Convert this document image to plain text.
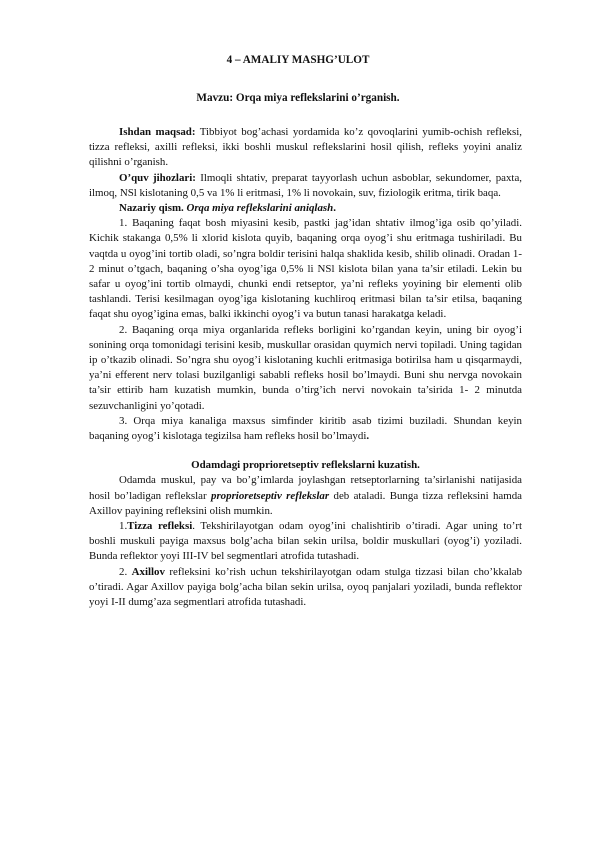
4 – AMALIY MASHG’ULOT
Mavzu: Orqa miya reflekslarini o’rganish.

Ishdan maqsad: Tibbiyot bog’achasi yordamida ko’z qovoqlarini yumib-ochish refleksi, tizza refleksi, axilli refleksi, ikki boshli muskul reflekslarini hosil qilish, refleks yoyini analiz qilishni o’rganish.

O’quv jihozlari: Ilmoqli shtativ, preparat tayyorlash uchun asboblar, sekundomer, paxta, ilmoq, NSl kislotaning 0,5 va 1% li eritmasi, 1% li novokain, suv, fiziologik eritma, tirik baqa.

Nazariy qism. Orqa miya reflekslarini aniqlash.

1. Baqaning faqat bosh miyasini kesib, pastki jag’idan shtativ ilmog’iga osib qo’yiladi. Kichik stakanga 0,5% li xlorid kislota quyib, baqaning orqa oyog’i shu eritmaga tushiriladi. Bu vaqtda u oyog’ini tortib oladi, so’ngra boldir terisini halqa shaklida kesib, shilib olinadi. Oradan 1-2 minut o’tgach, baqaning o’sha oyog’iga 0,5% li NSl kislota bilan yana ta’sir etiladi. Lekin bu safar u oyog’ini tortib olmaydi, chunki endi retseptor, ya’ni refleks yoyining bir elementi olib tashlandi. Terisi kesilmagan oyog’iga kislotaning kuchliroq eritmasi bilan ta’sir etilsa, baqaning faqat shu oyog’igina emas, balki ikkinchi oyog’i va butun tanasi harakatga keladi.

2. Baqaning orqa miya organlarida refleks borligini ko’rgandan keyin, uning bir oyog’i sonining orqa tomonidagi terisini kesib, muskullar orasidan quymich nervi topiladi. Uning tagidan ip o’tkazib olinadi. So’ngra shu oyog’i kislotaning kuchli eritmasiga botirilsa ham u qisqarmaydi, ya’ni efferent nerv tolasi buzilganligi sababli refleks hosil bo’lmaydi. Buni shu nervga novokain ta’sir ettirib ham kuzatish mumkin, bunda o’tirg’ich nervi novokain ta’sirida 1- 2 minutda sezuvchanligini yo’qotadi.

3. Orqa miya kanaliga maxsus simfinder kiritib asab tizimi buziladi. Shundan keyin baqaning oyog’i kislotaga tegizilsa ham refleks hosil bo’lmaydi.

Odamdagi proprioretseptiv reflekslarni kuzatish.

Odamda muskul, pay va bo’g’imlarda joylashgan retseptorlarning ta’sirlanishi natijasida hosil bo’ladigan reflekslar proprioretseptiv reflekslar deb ataladi. Bunga tizza refleksini hamda Axillov payining refleksini olish mumkin.

1.Tizza refleksi. Tekshirilayotgan odam oyog’ini chalishtirib o’tiradi. Agar uning to’rt boshli muskuli payiga maxsus bolg’acha bilan sekin urilsa, boldir muskullari (oyog’i) yoziladi. Bunda reflektor yoyi III-IV bel segmentlari atrofida tutashadi.

2. Axillov refleksini ko’rish uchun tekshirilayotgan odam stulga tizzasi bilan cho’kkalab o’tiradi. Agar Axillov payiga bolg’acha bilan sekin urilsa, oyoq panjalari yoziladi, bunda reflektor yoyi I-II dumg’aza segmentlari atrofida tutashadi.
